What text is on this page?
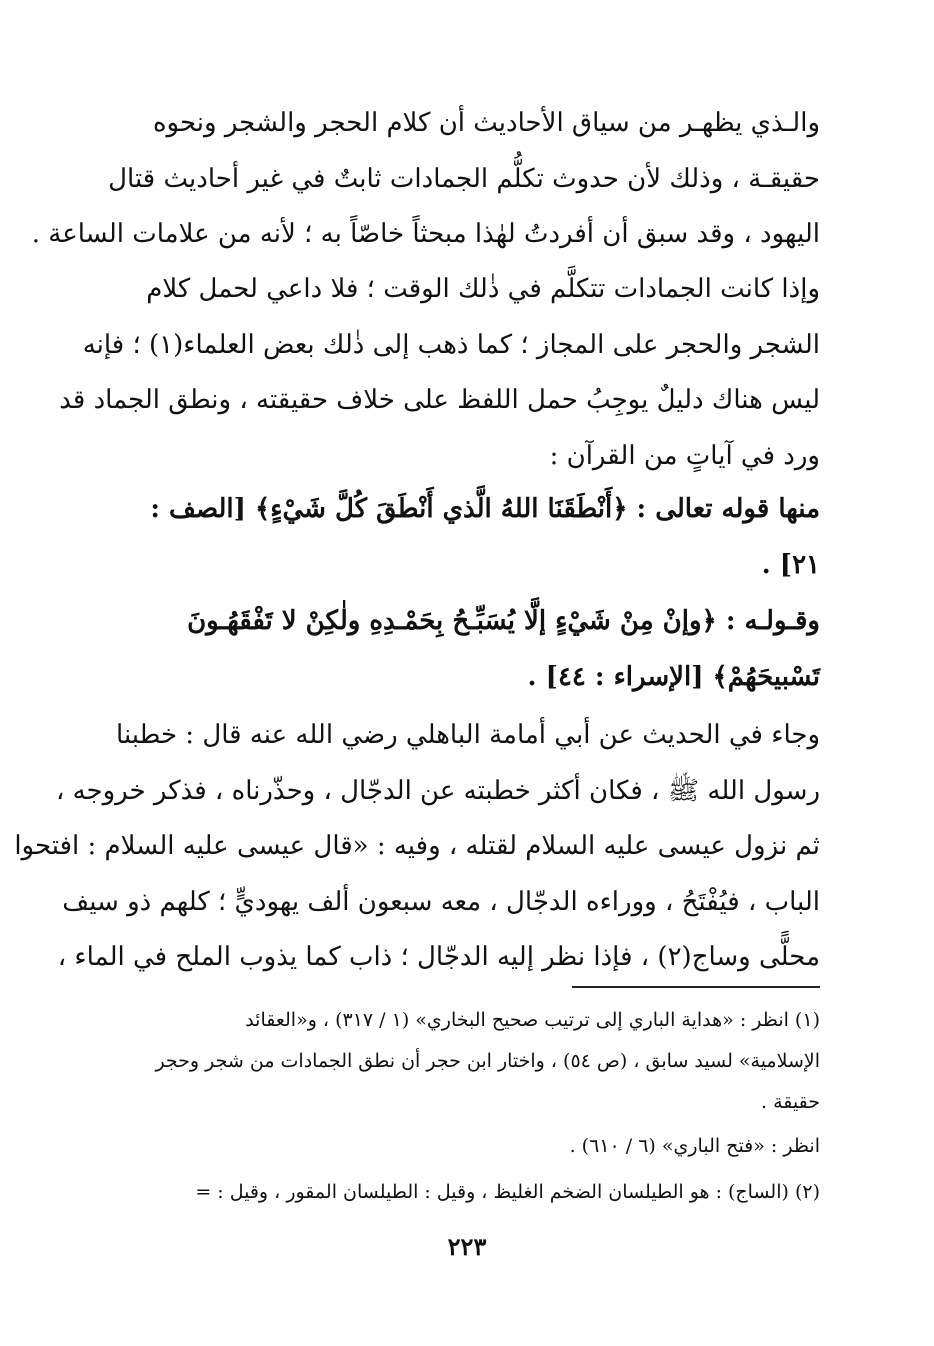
والـذي يظهـر من سياق الأحاديث أن كلام الحجر والشجر ونحوه
حقيقـة ، وذلك لأن حدوث تكلُّم الجمادات ثابتٌ في غير أحاديث قتال
اليهود ، وقد سبق أن أفردتُ لهٰذا مبحثاً خاصّاً به ؛ لأنه من علامات الساعة .

وإذا كانت الجمادات تتكلَّم في ذٰلك الوقت ؛ فلا داعي لحمل كلام
الشجر والحجر على المجاز ؛ كما ذهب إلى ذٰلك بعض العلماء(١) ؛ فإنه
ليس هناك دليلٌ يوجِبُ حمل اللفظ على خلاف حقيقته ، ونطق الجماد قد
ورد في آياتٍ من القرآن :

منها قوله تعالى : ﴿أَنْطَقَنَا اللهُ الَّذي أَنْطَقَ كُلَّ شَيْءٍ﴾ [الصف :
٢١] .

وقـولـه : ﴿وإنْ مِنْ شَيْءٍ إلَّا يُسَبِّـحُ بِحَمْـدِهِ ولٰكِنْ لا تَفْقَهُـونَ
تَسْبيحَهُمْ﴾ [الإسراء : ٤٤] .

وجاء في الحديث عن أبي أمامة الباهلي رضي الله عنه قال : خطبنا
رسول الله ﷺ ، فكان أكثر خطبته عن الدجّال ، وحذّرناه ، فذكر خروجه ،
ثم نزول عيسى عليه السلام لقتله ، وفيه : «قال عيسى عليه السلام : افتحوا
الباب ، فيُفْتَحُ ، ووراءه الدجّال ، معه سبعون ألف يهوديٍّ ؛ كلهم ذو سيف
محلًّى وساج(٢) ، فإذا نظر إليه الدجّال ؛ ذاب كما يذوب الملح في الماء ،

(١) انظر : «هداية الباري إلى ترتيب صحيح البخاري» (١ / ٣١٧) ، و«العقائد
الإسلامية» لسيد سابق ، (ص ٥٤) ، واختار ابن حجر أن نطق الجمادات من شجر وحجر
حقيقة .

انظر : «فتح الباري» (٦ / ٦١٠) .

(٢) (الساج) : هو الطيلسان الضخم الغليظ ، وقيل : الطيلسان المقور ، وقيل : =

٢٢٣
